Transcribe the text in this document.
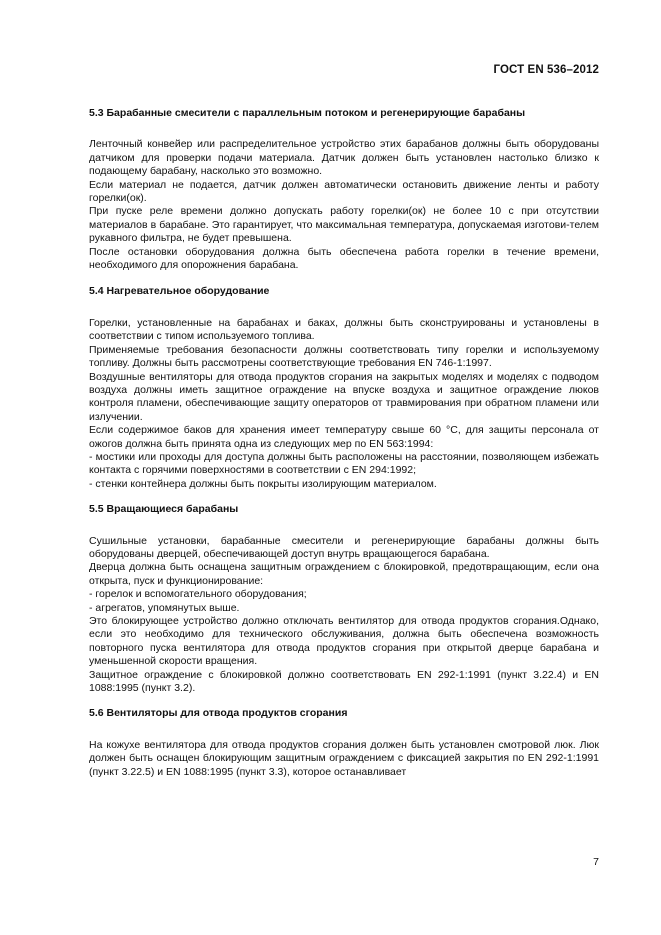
ГОСТ EN 536–2012
5.3 Барабанные смесители с параллельным потоком и регенерирующие барабаны

Ленточный конвейер или распределительное устройство этих барабанов должны быть оборудованы датчиком для проверки подачи материала. Датчик должен быть установлен настолько близко к подающему барабану, насколько это возможно.

Если материал не подается, датчик должен автоматически остановить движение ленты и работу горелки(ок).

При пуске реле времени должно допускать работу горелки(ок) не более 10 с при отсутствии материалов в барабане. Это гарантирует, что максимальная температура, допускаемая изготови-телем рукавного фильтра, не будет превышена.

После остановки оборудования должна быть обеспечена работа горелки в течение времени, необходимого для опорожнения барабана.

5.4 Нагревательное оборудование

Горелки, установленные на барабанах и баках, должны быть сконструированы и установлены в соответствии с типом используемого топлива.

Применяемые требования безопасности должны соответствовать типу горелки и используемому топливу. Должны быть рассмотрены соответствующие требования EN 746-1:1997.

Воздушные вентиляторы для отвода продуктов сгорания на закрытых моделях и моделях с подводом воздуха должны иметь защитное ограждение на впуске воздуха и защитное ограждение люков контроля пламени, обеспечивающие защиту операторов от травмирования при обратном пламени или излучении.

Если содержимое баков для хранения имеет температуру свыше 60 °С, для защиты персонала от ожогов должна быть принята одна из следующих мер по EN 563:1994:

- мостики или проходы для доступа должны быть расположены на расстоянии, позволяющем избежать контакта с горячими поверхностями в соответствии с EN 294:1992;

- стенки контейнера должны быть покрыты изолирующим материалом.

5.5 Вращающиеся барабаны

Сушильные установки, барабанные смесители и регенерирующие барабаны должны быть оборудованы дверцей, обеспечивающей доступ внутрь вращающегося барабана.

Дверца должна быть оснащена защитным ограждением с блокировкой, предотвращающим, если она открыта, пуск и функционирование:

- горелок и вспомогательного оборудования;

- агрегатов, упомянутых выше.

Это блокирующее устройство должно отключать вентилятор для отвода продуктов сгорания.Однако, если это необходимо для технического обслуживания, должна быть обеспечена возможность повторного пуска вентилятора для отвода продуктов сгорания при открытой дверце барабана и уменьшенной скорости вращения.

Защитное ограждение с блокировкой должно соответствовать EN 292-1:1991 (пункт 3.22.4) и EN 1088:1995 (пункт 3.2).

5.6 Вентиляторы для отвода продуктов сгорания

На кожухе вентилятора для отвода продуктов сгорания должен быть установлен смотровой люк. Люк должен быть оснащен блокирующим защитным ограждением с фиксацией закрытия по EN 292-1:1991 (пункт 3.22.5) и EN 1088:1995 (пункт 3.3), которое останавливает

7
